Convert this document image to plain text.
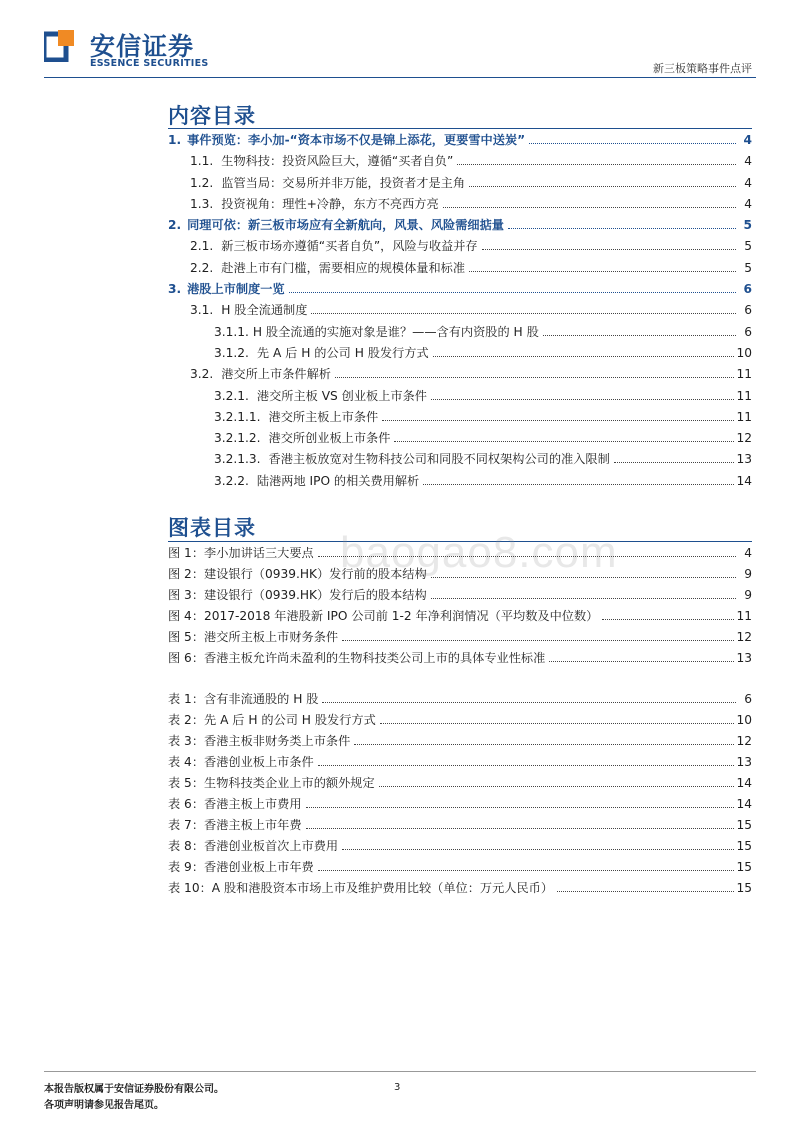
安信证券
ESSENCE SECURITIES	新三板策略事件点评
内容目录
1. 事件预览：李小加-“资本市场不仅是锦上添花，更要雪中送炭”	4
1.1. 生物科技：投资风险巨大，遵循“买者自负”	4
1.2. 监管当局：交易所并非万能，投资者才是主角	4
1.3. 投资视角：理性+冷静，东方不亮西方亮	4
2. 同理可依：新三板市场应有全新航向，风景、风险需细掂量	5
2.1. 新三板市场亦遵循“买者自负”，风险与收益并存	5
2.2. 赴港上市有门槛，需要相应的规模体量和标准	5
3. 港股上市制度一览	6
3.1. H 股全流通制度	6
3.1.1. H 股全流通的实施对象是谁？——含有内资股的 H 股	6
3.1.2. 先 A 后 H 的公司 H 股发行方式	10
3.2. 港交所上市条件解析	11
3.2.1. 港交所主板 VS 创业板上市条件	11
3.2.1.1. 港交所主板上市条件	11
3.2.1.2. 港交所创业板上市条件	12
3.2.1.3. 香港主板放宽对生物科技公司和同股不同权架构公司的准入限制	13
3.2.2. 陆港两地 IPO 的相关费用解析	14
图表目录 baogao8.com
图 1：李小加讲话三大要点	4
图 2：建设银行（0939.HK）发行前的股本结构	9
图 3：建设银行（0939.HK）发行后的股本结构	9
图 4：2017-2018 年港股新 IPO 公司前 1-2 年净利润情况（平均数及中位数）	11
图 5：港交所主板上市财务条件	12
图 6：香港主板允许尚未盈利的生物科技类公司上市的具体专业性标准	13
表 1：含有非流通股的 H 股	6
表 2：先 A 后 H 的公司 H 股发行方式	10
表 3：香港主板非财务类上市条件	12
表 4：香港创业板上市条件	13
表 5：生物科技类企业上市的额外规定	14
表 6：香港主板上市费用	14
表 7：香港主板上市年费	15
表 8：香港创业板首次上市费用	15
表 9：香港创业板上市年费	15
表 10：A 股和港股资本市场上市及维护费用比较（单位：万元人民币）	15
本报告版权属于安信证券股份有限公司。
各项声明请参见报告尾页。
3
